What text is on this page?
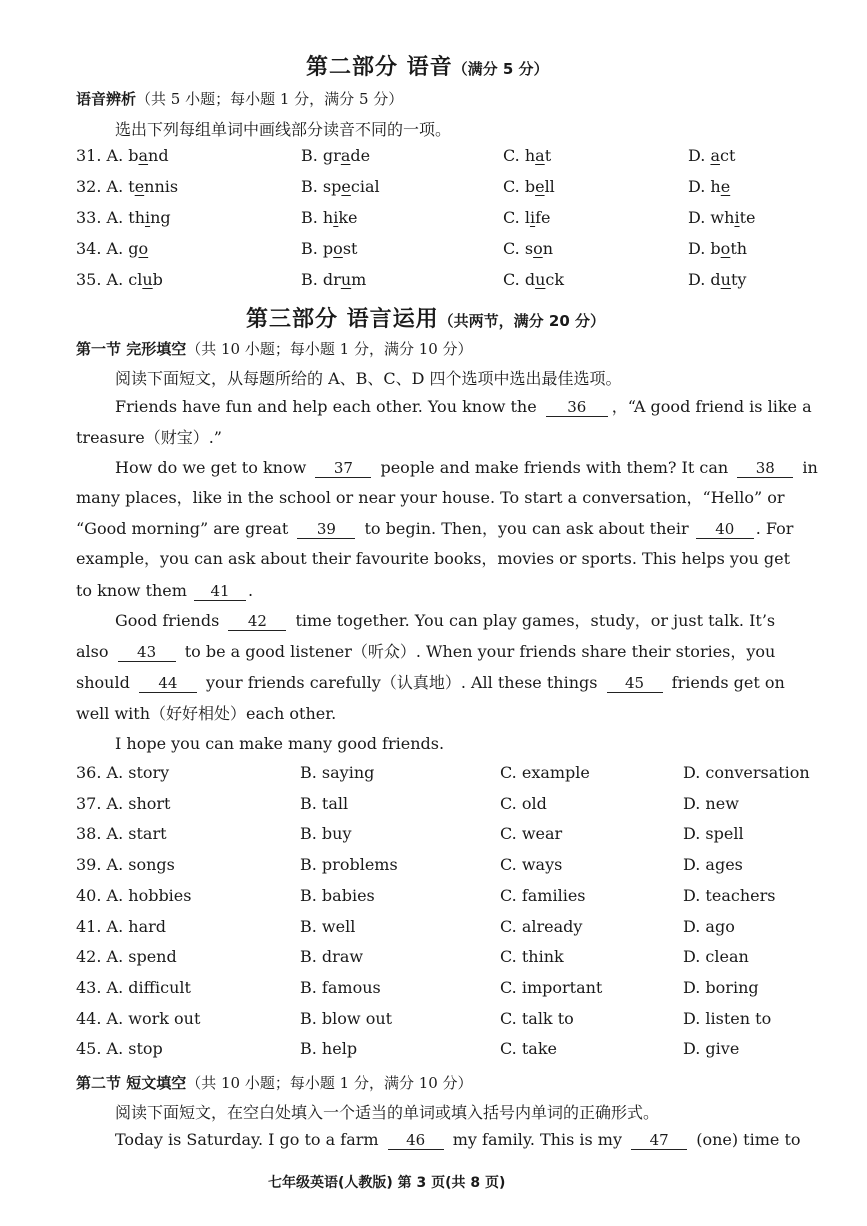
第二部分 语音（满分 5 分）
语音辨析（共 5 小题；每小题 1 分，满分 5 分）
选出下列每组单词中画线部分读音不同的一项。
31. A. band	B. grade	C. hat	D. act
32. A. tennis	B. special	C. bell	D. he
33. A. thing	B. hike	C. life	D. white
34. A. go	B. post	C. son	D. both
35. A. club	B. drum	C. duck	D. duty
第三部分 语言运用（共两节，满分 20 分）
第一节 完形填空（共 10 小题；每小题 1 分，满分 10 分）
阅读下面短文，从每题所给的 A、B、C、D 四个选项中选出最佳选项。
Friends have fun and help each other. You know the 36 ，“A good friend is like a
treasure（财宝）.”
How do we get to know 37 people and make friends with them? It can 38 in
many places，like in the school or near your house. To start a conversation，“Hello” or
“Good morning” are great 39 to begin. Then，you can ask about their 40 . For
example，you can ask about their favourite books，movies or sports. This helps you get
to know them 41 .
Good friends 42 time together. You can play games，study，or just talk. It’s
also 43 to be a good listener（听众）. When your friends share their stories，you
should 44 your friends carefully（认真地）. All these things 45 friends get on
well with（好好相处）each other.
I hope you can make many good friends.
36. A. story	B. saying	C. example	D. conversation
37. A. short	B. tall	C. old	D. new
38. A. start	B. buy	C. wear	D. spell
39. A. songs	B. problems	C. ways	D. ages
40. A. hobbies	B. babies	C. families	D. teachers
41. A. hard	B. well	C. already	D. ago
42. A. spend	B. draw	C. think	D. clean
43. A. difficult	B. famous	C. important	D. boring
44. A. work out	B. blow out	C. talk to	D. listen to
45. A. stop	B. help	C. take	D. give
第二节 短文填空（共 10 小题；每小题 1 分，满分 10 分）
阅读下面短文，在空白处填入一个适当的单词或填入括号内单词的正确形式。
Today is Saturday. I go to a farm 46 my family. This is my 47 (one) time to
七年级英语(人教版) 第 3 页(共 8 页)
